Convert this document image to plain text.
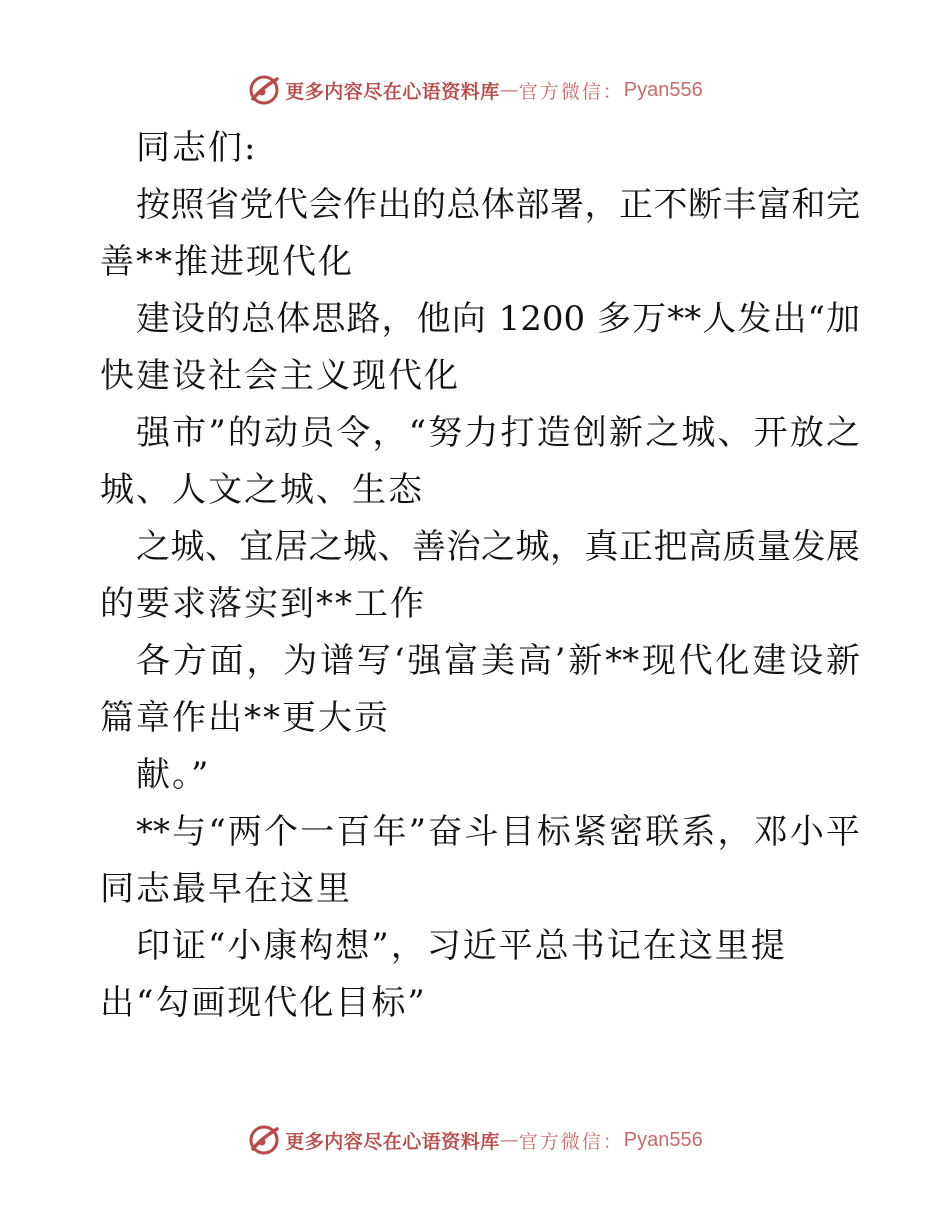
更多内容尽在心语资料库 — 官方微信： Pyan556
同志们:
按照省党代会作出的总体部署，正不断丰富和完
善**推进现代化
建设的总体思路，他向 1200 多万**人发出“加
快建设社会主义现代化
强市”的动员令，“努力打造创新之城、开放之
城、人文之城、生态
之城、宜居之城、善治之城，真正把高质量发展
的要求落实到**工作
各方面，为谱写‘强富美高’新**现代化建设新
篇章作出**更大贡
献。”
**与“两个一百年”奋斗目标紧密联系，邓小平
同志最早在这里
印证“小康构想”，习近平总书记在这里提
出“勾画现代化目标”
更多内容尽在心语资料库 — 官方微信： Pyan556
